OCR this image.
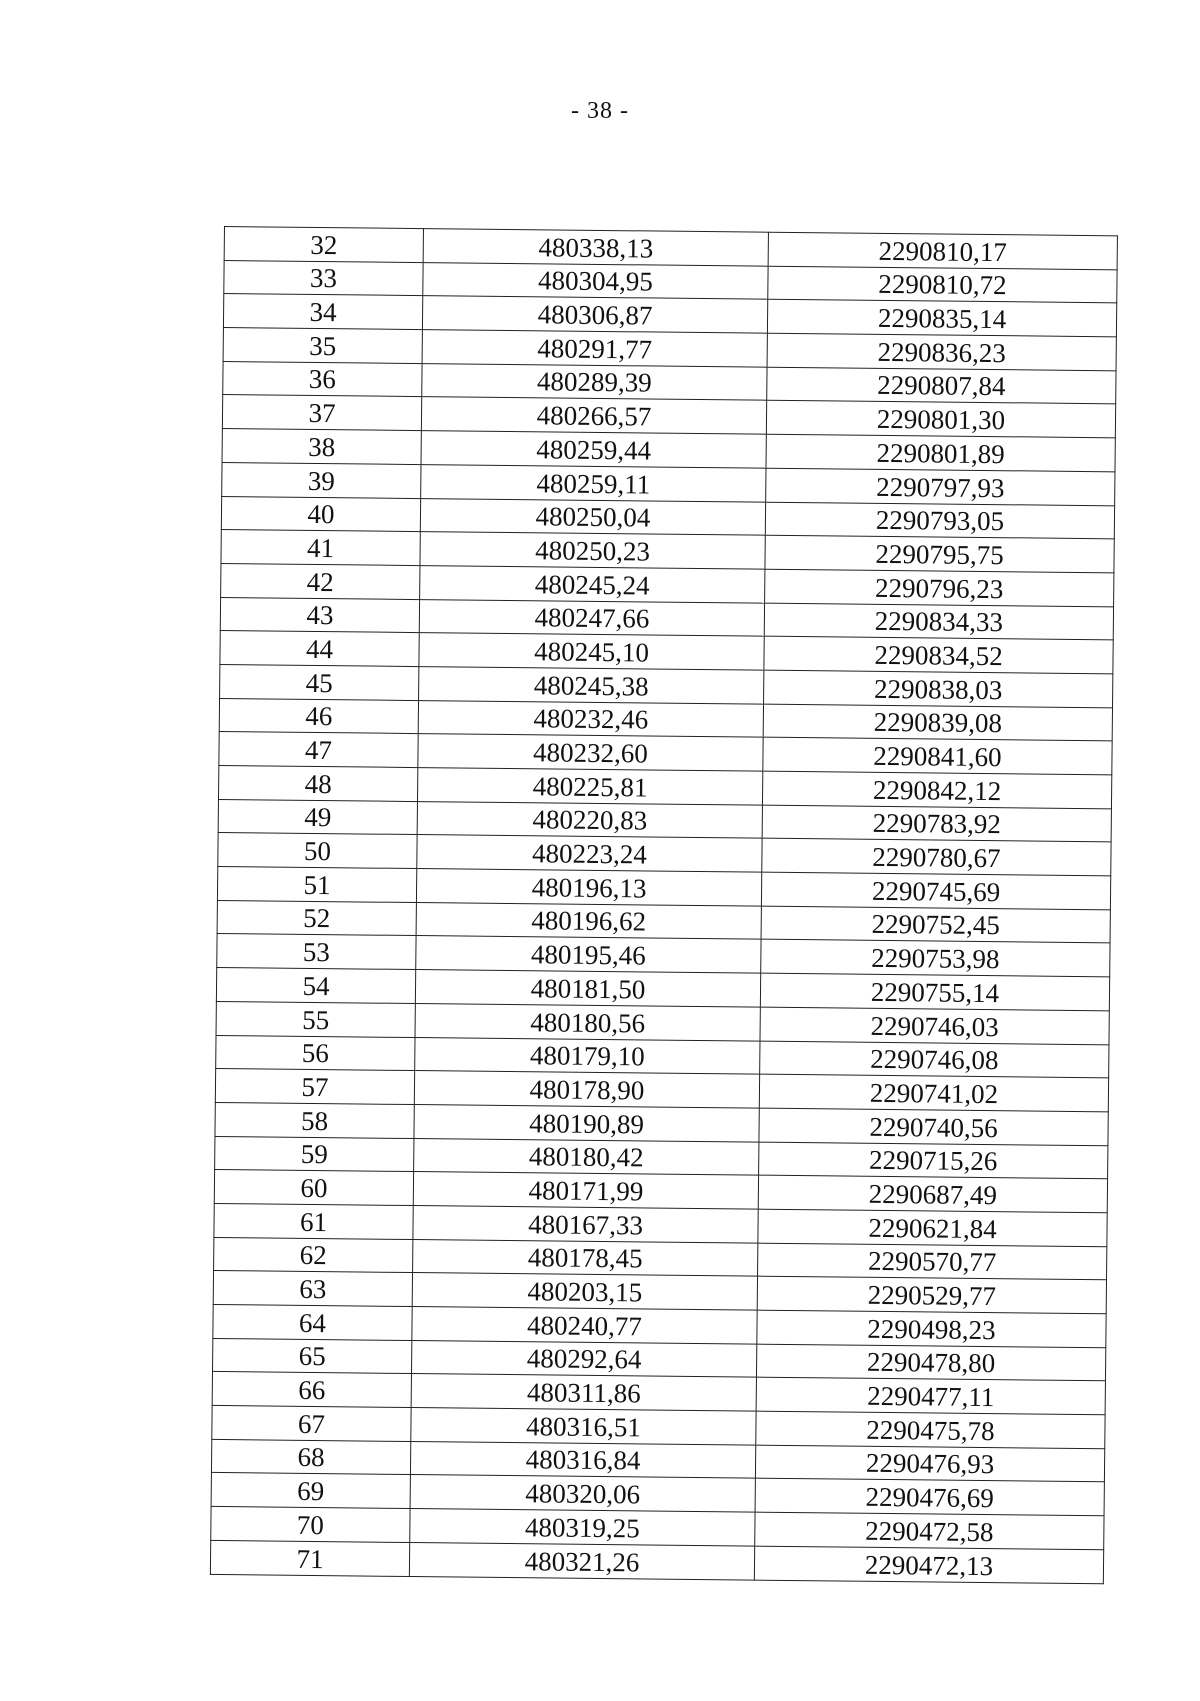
- 38 -
32	480338,13	2290810,17
33	480304,95	2290810,72
34	480306,87	2290835,14
35	480291,77	2290836,23
36	480289,39	2290807,84
37	480266,57	2290801,30
38	480259,44	2290801,89
39	480259,11	2290797,93
40	480250,04	2290793,05
41	480250,23	2290795,75
42	480245,24	2290796,23
43	480247,66	2290834,33
44	480245,10	2290834,52
45	480245,38	2290838,03
46	480232,46	2290839,08
47	480232,60	2290841,60
48	480225,81	2290842,12
49	480220,83	2290783,92
50	480223,24	2290780,67
51	480196,13	2290745,69
52	480196,62	2290752,45
53	480195,46	2290753,98
54	480181,50	2290755,14
55	480180,56	2290746,03
56	480179,10	2290746,08
57	480178,90	2290741,02
58	480190,89	2290740,56
59	480180,42	2290715,26
60	480171,99	2290687,49
61	480167,33	2290621,84
62	480178,45	2290570,77
63	480203,15	2290529,77
64	480240,77	2290498,23
65	480292,64	2290478,80
66	480311,86	2290477,11
67	480316,51	2290475,78
68	480316,84	2290476,93
69	480320,06	2290476,69
70	480319,25	2290472,58
71	480321,26	2290472,13
